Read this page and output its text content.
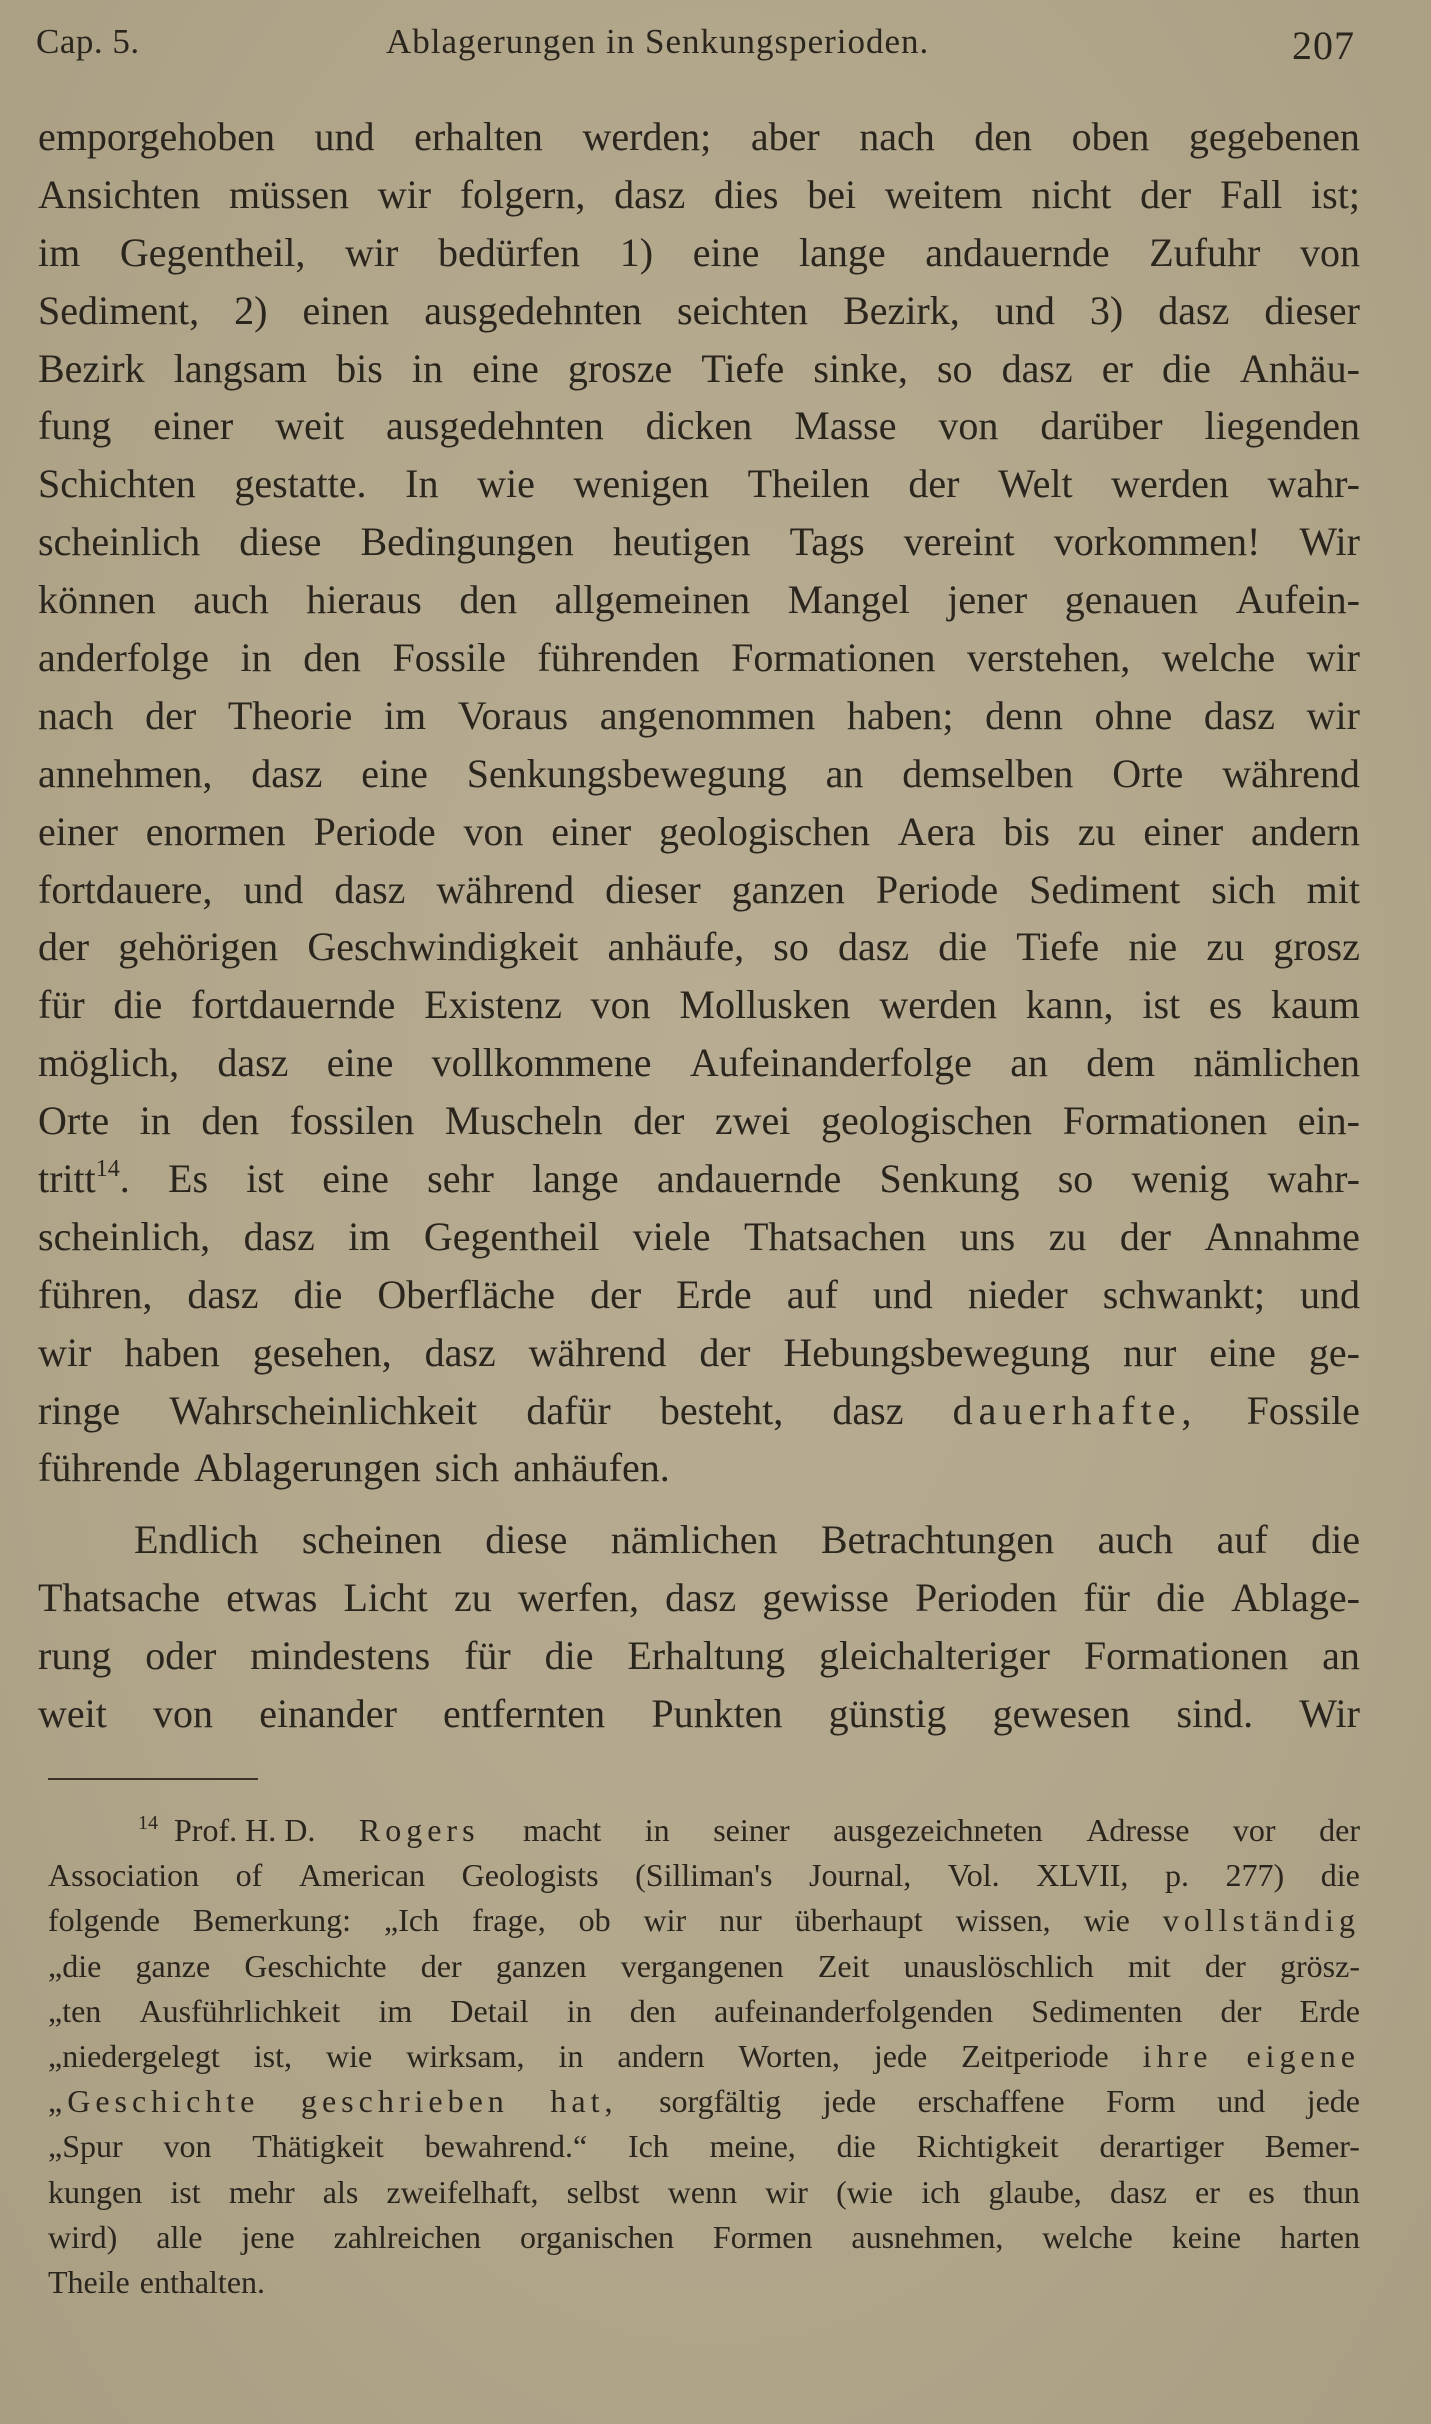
Cap. 5.	Ablagerungen in Senkungsperioden.	207
emporgehoben und erhalten werden; aber nach den oben gegebenen
Ansichten müssen wir folgern, dasz dies bei weitem nicht der Fall ist;
im Gegentheil, wir bedürfen 1) eine lange andauernde Zufuhr von
Sediment, 2) einen ausgedehnten seichten Bezirk, und 3) dasz dieser
Bezirk langsam bis in eine grosze Tiefe sinke, so dasz er die Anhäu-
fung einer weit ausgedehnten dicken Masse von darüber liegenden
Schichten gestatte. In wie wenigen Theilen der Welt werden wahr-
scheinlich diese Bedingungen heutigen Tags vereint vorkommen! Wir
können auch hieraus den allgemeinen Mangel jener genauen Aufein-
anderfolge in den Fossile führenden Formationen verstehen, welche wir
nach der Theorie im Voraus angenommen haben; denn ohne dasz wir
annehmen, dasz eine Senkungsbewegung an demselben Orte während
einer enormen Periode von einer geologischen Aera bis zu einer andern
fortdauere, und dasz während dieser ganzen Periode Sediment sich mit
der gehörigen Geschwindigkeit anhäufe, so dasz die Tiefe nie zu grosz
für die fortdauernde Existenz von Mollusken werden kann, ist es kaum
möglich, dasz eine vollkommene Aufeinanderfolge an dem nämlichen
Orte in den fossilen Muscheln der zwei geologischen Formationen ein-
tritt$^{14}$. Es ist eine sehr lange andauernde Senkung so wenig wahr-
scheinlich, dasz im Gegentheil viele Thatsachen uns zu der Annahme
führen, dasz die Oberfläche der Erde auf und nieder schwankt; und
wir haben gesehen, dasz während der Hebungsbewegung nur eine ge-
ringe Wahrscheinlichkeit dafür besteht, dasz dauerhafte, Fossile
führende Ablagerungen sich anhäufen.
Endlich scheinen diese nämlichen Betrachtungen auch auf die
Thatsache etwas Licht zu werfen, dasz gewisse Perioden für die Ablage-
rung oder mindestens für die Erhaltung gleichalteriger Formationen an
weit von einander entfernten Punkten günstig gewesen sind. Wir
$^{14}$ Prof. H. D. Rogers macht in seiner ausgezeichneten Adresse vor der
Association of American Geologists (Silliman's Journal, Vol. XLVII, p. 277) die
folgende Bemerkung: „Ich frage, ob wir nur überhaupt wissen, wie vollständig
„die ganze Geschichte der ganzen vergangenen Zeit unauslöschlich mit der grösz-
„ten Ausführlichkeit im Detail in den aufeinanderfolgenden Sedimenten der Erde
„niedergelegt ist, wie wirksam, in andern Worten, jede Zeitperiode ihre eigene
„Geschichte geschrieben hat, sorgfältig jede erschaffene Form und jede
„Spur von Thätigkeit bewahrend.“ Ich meine, die Richtigkeit derartiger Bemer-
kungen ist mehr als zweifelhaft, selbst wenn wir (wie ich glaube, dasz er es thun
wird) alle jene zahlreichen organischen Formen ausnehmen, welche keine harten
Theile enthalten.
